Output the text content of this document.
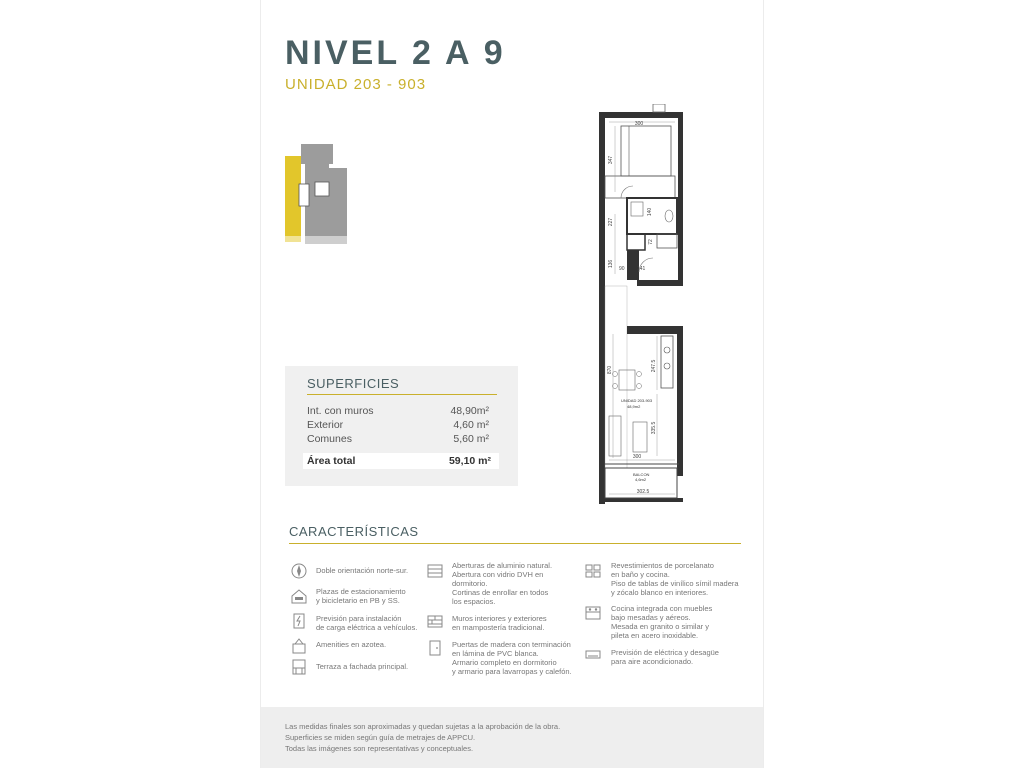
NIVEL 2 A 9
UNIDAD 203 - 903
SUPERFICIES
Int. con muros	48,90m²
Exterior	4,60 m²
Comunes	5,60 m²
Área total	59,10 m²
300
347
140
227
72
136
90 141
870	247.5
335.5
300
302.5
UNIDAD 203-903
48,9m2
BALCON
4,6m2
CARACTERÍSTICAS
Doble orientación norte-sur.
Plazas de estacionamiento
y bicicletario en PB y SS.
Previsión para instalación
de carga eléctrica a vehículos.
Amenities en azotea.
Terraza a fachada principal.
Aberturas de aluminio natural.
Abertura con vidrio DVH en
dormitorio.
Cortinas de enrollar en todos
los espacios.
Muros interiores y exteriores
en mampostería tradicional.
Puertas de madera con terminación
en lámina de PVC blanca.
Armario completo en dormitorio
y armario para lavarropas y calefón.
Revestimientos de porcelanato
en baño y cocina.
Piso de tablas de vinílico símil madera
y zócalo blanco en interiores.
Cocina integrada con muebles
bajo mesadas y aéreos.
Mesada en granito o similar y
pileta en acero inoxidable.
Previsión de eléctrica y desagüe
para aire acondicionado.
Las medidas finales son aproximadas y quedan sujetas a la aprobación de la obra.
Superficies se miden según guía de metrajes de APPCU.
Todas las imágenes son representativas y conceptuales.
